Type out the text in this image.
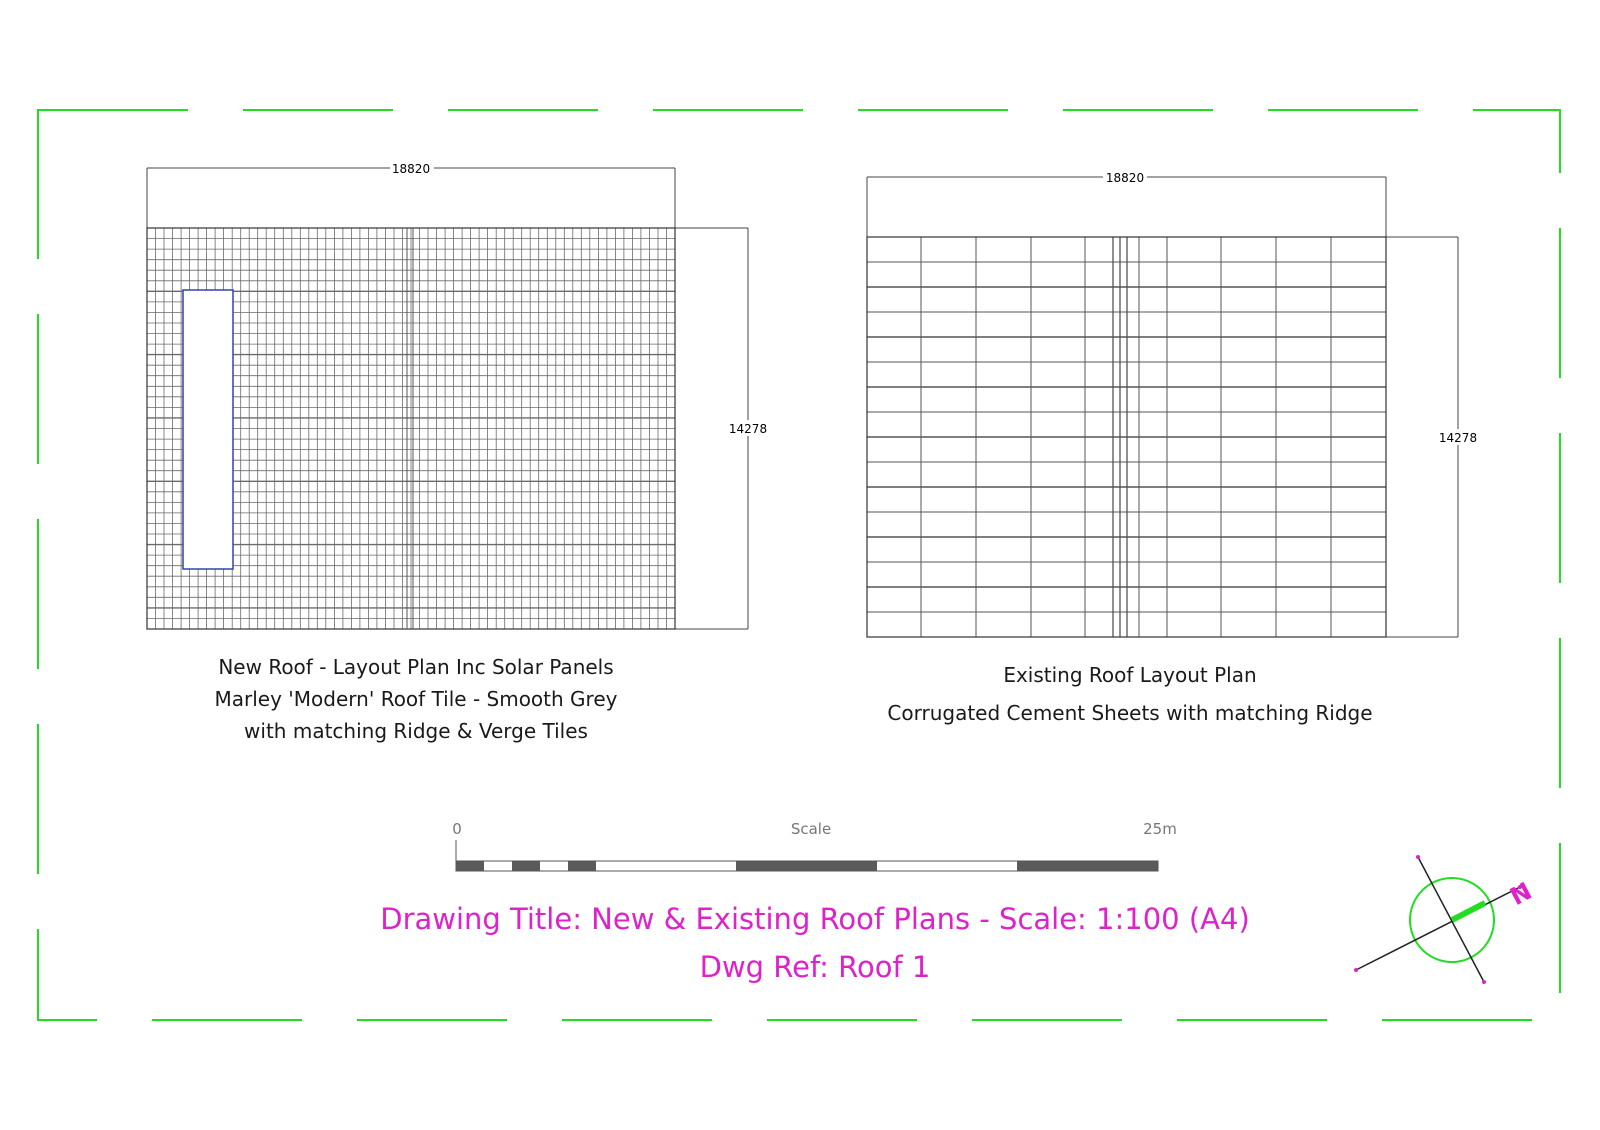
18820
14278
New Roof - Layout Plan Inc Solar Panels
Marley 'Modern' Roof Tile - Smooth Grey
with matching Ridge & Verge Tiles
18820
14278
Existing Roof Layout Plan
Corrugated Cement Sheets with matching Ridge
0	Scale	25m
Drawing Title: New & Existing Roof Plans - Scale: 1:100 (A4)
Dwg Ref: Roof 1
N
